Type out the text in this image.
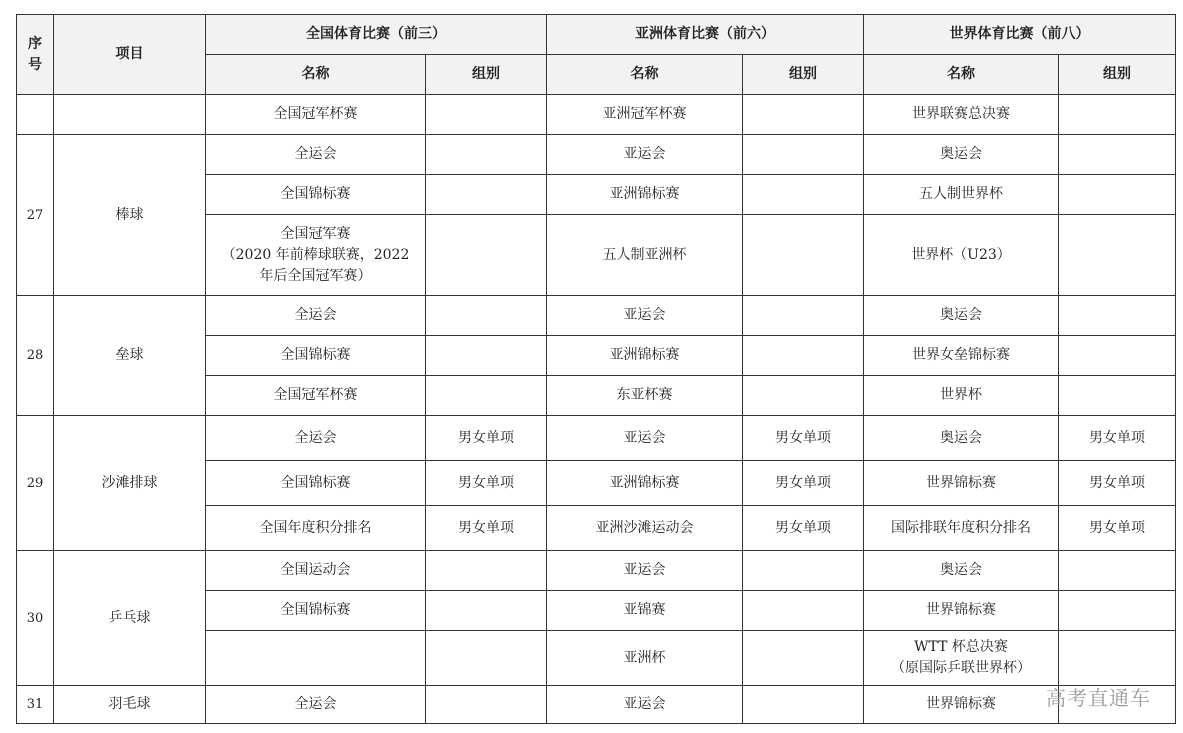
序
号	项目	全国体育比赛（前三）		亚洲体育比赛（前六）		世界体育比赛（前八）	
		名称	组别	名称	组别	名称	组别
		全国冠军杯赛		亚洲冠军杯赛		世界联赛总决赛	
27	棒球	全运会		亚运会		奥运会	
		全国锦标赛		亚洲锦标赛		五人制世界杯	
		全国冠军赛
（2020 年前棒球联赛，2022
年后全国冠军赛）		五人制亚洲杯		世界杯（U23）	
28	垒球	全运会		亚运会		奥运会	
		全国锦标赛		亚洲锦标赛		世界女垒锦标赛	
		全国冠军杯赛		东亚杯赛		世界杯	
29	沙滩排球	全运会	男女单项	亚运会	男女单项	奥运会	男女单项
		全国锦标赛	男女单项	亚洲锦标赛	男女单项	世界锦标赛	男女单项
		全国年度积分排名	男女单项	亚洲沙滩运动会	男女单项	国际排联年度积分排名	男女单项
30	乒乓球	全国运动会		亚运会		奥运会	
		全国锦标赛		亚锦赛		世界锦标赛	
				亚洲杯		WTT 杯总决赛
（原国际乒联世界杯）	
31	羽毛球	全运会		亚运会		世界锦标赛		高考直通车
